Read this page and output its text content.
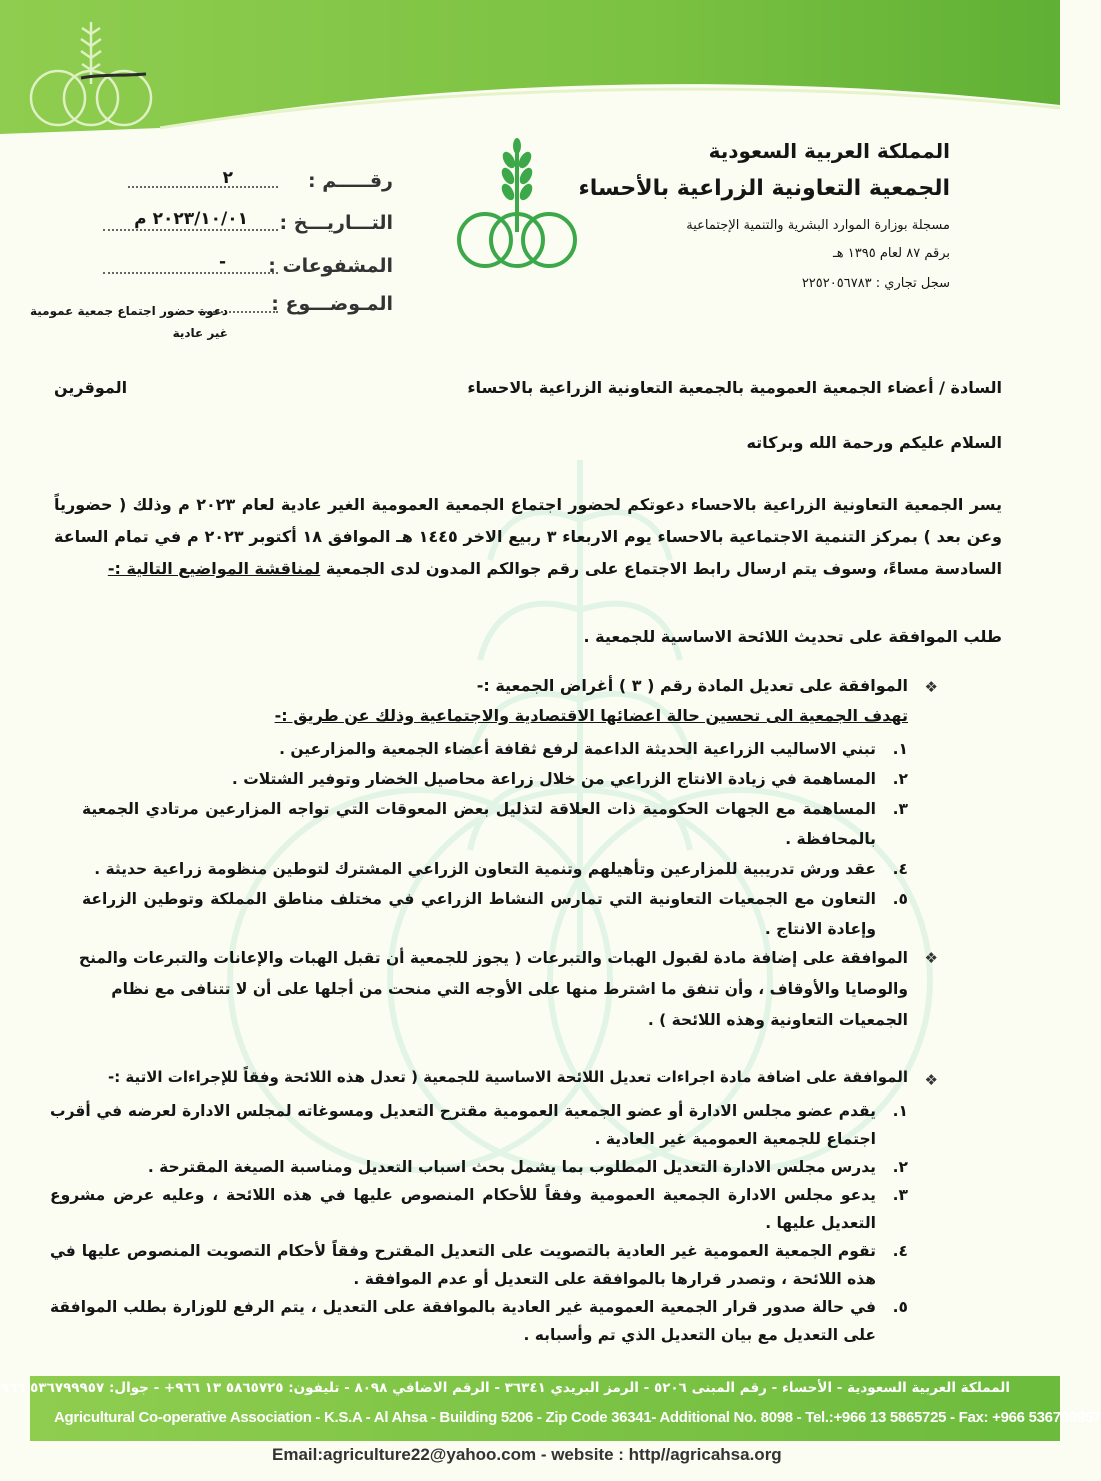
المملكة العربية السعودية
الجمعية التعاونية الزراعية بالأحساء
مسجلة بوزارة الموارد البشرية والتنمية الإجتماعية
برقم ٨٧ لعام ١٣٩٥ هـ
سجل تجاري : ٢٢٥٢٠٥٦٧٨٣
رقـــــم :
٢
التـــاريـــخ :
٢٠٢٣/١٠/٠١ م
المشفوعات :
-
المـوضـــوع :
دعوة حضور اجتماع جمعية عمومية غير عادية
السادة / أعضاء الجمعية العمومية بالجمعية التعاونية الزراعية بالاحساء
الموقرين
السلام عليكم ورحمة الله وبركاته
يسر الجمعية التعاونية الزراعية بالاحساء دعوتكم لحضور اجتماع الجمعية العمومية الغير عادية لعام ٢٠٢٣ م وذلك ( حضورياً وعن بعد ) بمركز التنمية الاجتماعية بالاحساء يوم الاربعاء ٣ ربيع الاخر ١٤٤٥ هـ الموافق ١٨ أكتوبر ٢٠٢٣ م في تمام الساعة السادسة مساءً، وسوف يتم ارسال رابط الاجتماع على رقم جوالكم المدون لدى الجمعية لمناقشة المواضيع التالية :-
طلب الموافقة على تحديث اللائحة الاساسية للجمعية .
❖
الموافقة على تعديل المادة رقم ( ٣ ) أغراض الجمعية :-
تهدف الجمعية الى تحسين حالة اعضائها الاقتصادية والاجتماعية وذلك عن طريق :-
١.
تبني الاساليب الزراعية الحديثة الداعمة لرفع ثقافة أعضاء الجمعية والمزارعين .
٢.
المساهمة في زيادة الانتاج الزراعي من خلال زراعة محاصيل الخضار وتوفير الشتلات .
٣.
المساهمة مع الجهات الحكومية ذات العلاقة لتذليل بعض المعوقات التي تواجه المزارعين مرتادي الجمعية بالمحافظة .
٤.
عقد ورش تدريبية للمزارعين وتأهيلهم وتنمية التعاون الزراعي المشترك لتوطين منظومة زراعية حديثة .
٥.
التعاون مع الجمعيات التعاونية التي تمارس النشاط الزراعي في مختلف مناطق المملكة وتوطين الزراعة وإعادة الانتاج .
❖
الموافقة على إضافة مادة لقبول الهبات والتبرعات ( يجوز للجمعية أن تقبل الهبات والإعانات والتبرعات والمنح والوصايا والأوقاف ، وأن تنفق ما اشترط منها على الأوجه التي منحت من أجلها على أن لا تتنافى مع نظام الجمعيات التعاونية وهذه اللائحة ) .
❖
الموافقة على اضافة مادة اجراءات تعديل اللائحة الاساسية للجمعية ( تعدل هذه اللائحة وفقاً للإجراءات الاتية :-
١.
يقدم عضو مجلس الادارة أو عضو الجمعية العمومية مقترح التعديل ومسوغاته لمجلس الادارة لعرضه في أقرب اجتماع للجمعية العمومية غير العادية .
٢.
يدرس مجلس الادارة التعديل المطلوب بما يشمل بحث اسباب التعديل ومناسبة الصيغة المقترحة .
٣.
يدعو مجلس الادارة الجمعية العمومية وفقاً للأحكام المنصوص عليها في هذه اللائحة ، وعليه عرض مشروع التعديل عليها .
٤.
تقوم الجمعية العمومية غير العادية بالتصويت على التعديل المقترح وفقاً لأحكام التصويت المنصوص عليها في هذه اللائحة ، وتصدر قرارها بالموافقة على التعديل أو عدم الموافقة .
٥.
في حالة صدور قرار الجمعية العمومية غير العادية بالموافقة على التعديل ، يتم الرفع للوزارة بطلب الموافقة على التعديل مع بيان التعديل الذي تم وأسبابه .
المملكة العربية السعودية - الأحساء - رقم المبنى ٥٢٠٦ - الرمز البريدي ٣٦٣٤١ - الرقم الاضافي ٨٠٩٨ - تليفون: ٥٨٦٥٧٢٥ ١٣ ٩٦٦+ - جوال: ٥٣٦٧٩٩٩٥٧ ٩٦٦
Agricultural Co-operative Association - K.S.A - Al Ahsa - Building 5206 - Zip Code 36341- Additional No. 8098 - Tel.:+966 13 5865725 - Fax: +966 536799957
Email:agriculture22@yahoo.com - website : http//agricahsa.org
